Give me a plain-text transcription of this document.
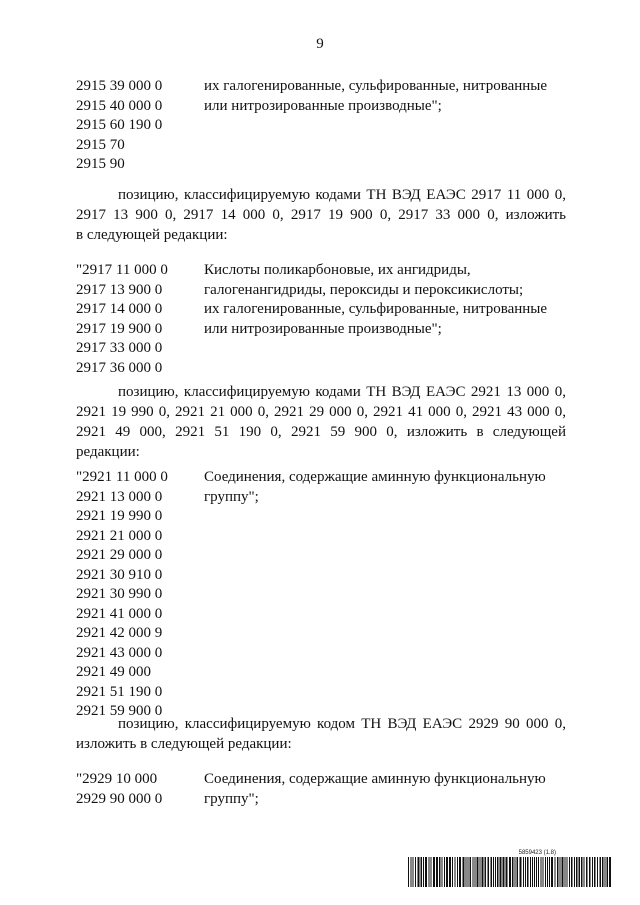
9
2915 39 000 0	их галогенированные, сульфированные, нитрованные
2915 40 000 0	или нитрозированные производные";
2915 60 190 0
2915 70
2915 90
позицию, классифицируемую кодами ТН ВЭД ЕАЭС 2917 11 000 0,
2917 13 900 0, 2917 14 000 0, 2917 19 900 0, 2917 33 000 0, изложить
в следующей редакции:
"2917 11 000 0	Кислоты поликарбоновые, их ангидриды,
2917 13 900 0	галогенангидриды, пероксиды и пероксикислоты;
2917 14 000 0	их галогенированные, сульфированные, нитрованные
2917 19 900 0	или нитрозированные производные";
2917 33 000 0
2917 36 000 0
позицию, классифицируемую кодами ТН ВЭД ЕАЭС 2921 13 000 0,
2921 19 990 0, 2921 21 000 0, 2921 29 000 0, 2921 41 000 0, 2921 43 000 0,
2921 49 000, 2921 51 190 0, 2921 59 900 0, изложить в следующей
редакции:
"2921 11 000 0	Соединения, содержащие аминную функциональную
2921 13 000 0	группу";
2921 19 990 0
2921 21 000 0
2921 29 000 0
2921 30 910 0
2921 30 990 0
2921 41 000 0
2921 42 000 9
2921 43 000 0
2921 49 000
2921 51 190 0
2921 59 900 0
позицию, классифицируемую кодом ТН ВЭД ЕАЭС 2929 90 000 0,
изложить в следующей редакции:
"2929 10 000	Соединения, содержащие аминную функциональную
2929 90 000 0	группу";
5859423 (1.8)
